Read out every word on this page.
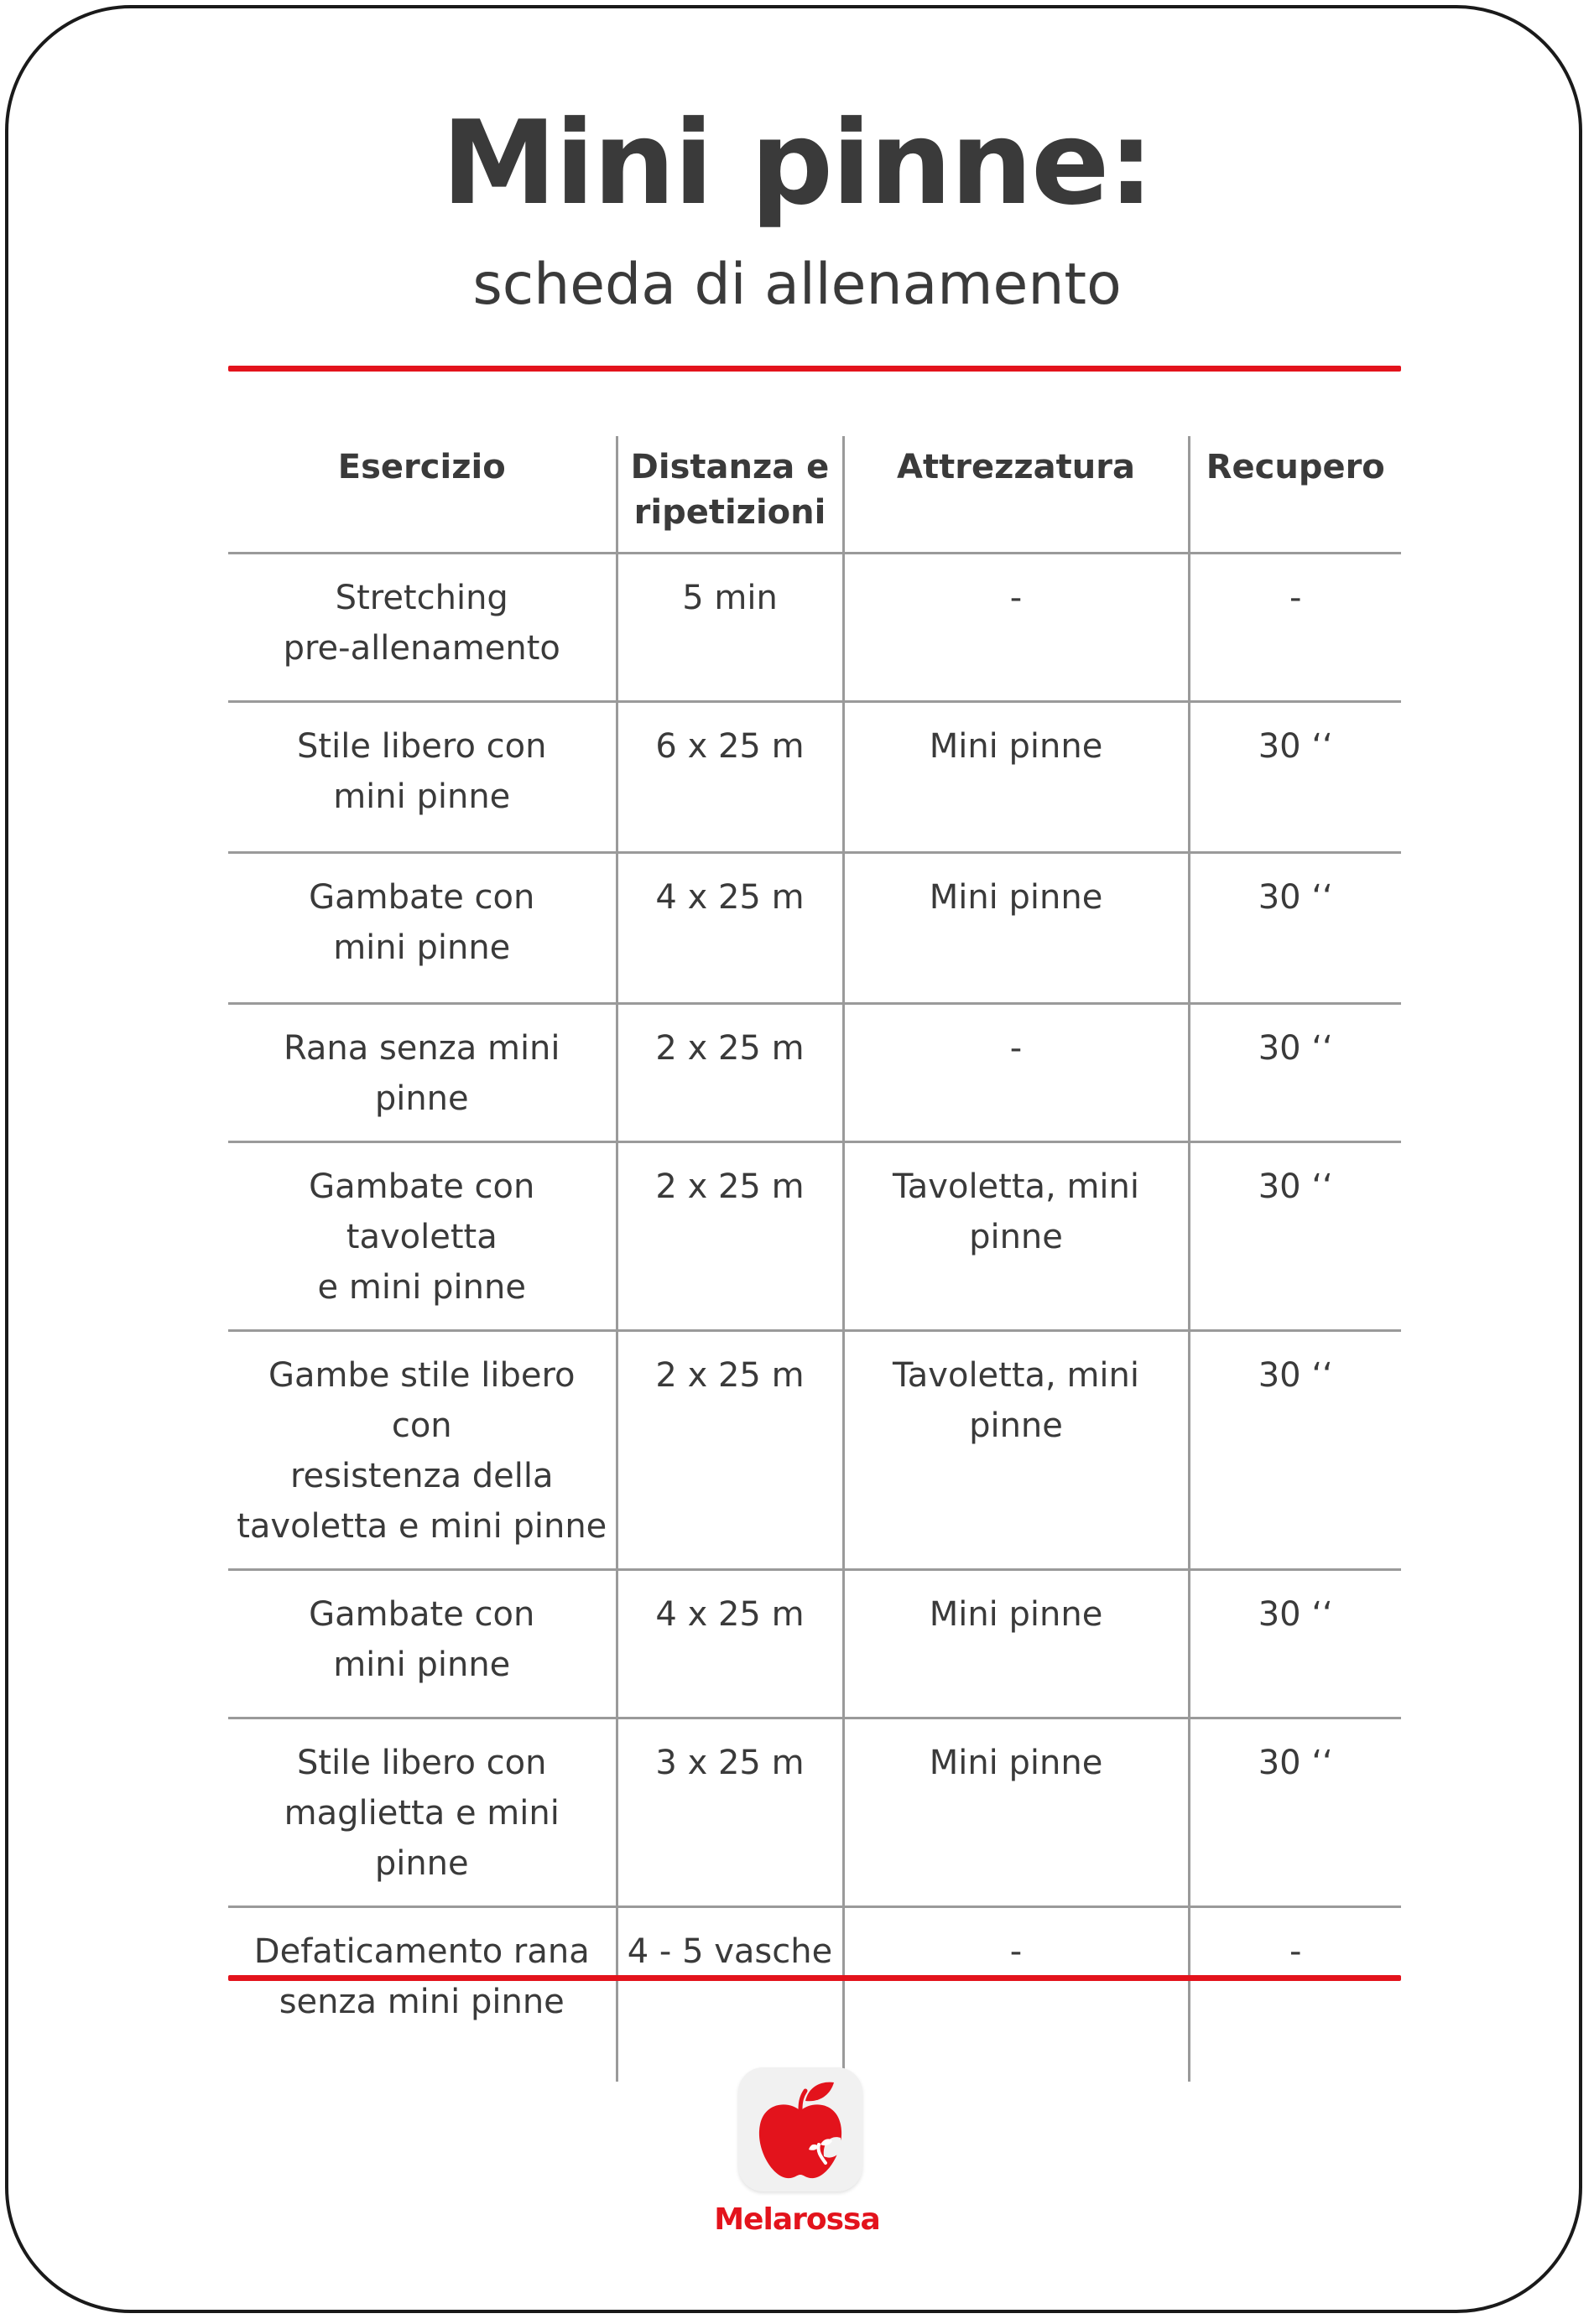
Mini pinne:
scheda di allenamento
Esercizio	Distanza e
ripetizioni	Attrezzatura	Recupero

Stretching
pre-allenamento	5 min	-	-

Stile libero con
mini pinne	6 x 25 m	Mini pinne	30 ‘‘

Gambate con
mini pinne	4 x 25 m	Mini pinne	30 ‘‘

Rana senza mini pinne	2 x 25 m	-	30 ‘‘

Gambate con tavoletta
e mini pinne	2 x 25 m	Tavoletta, mini pinne	30 ‘‘

Gambe stile libero con
resistenza della
tavoletta e mini pinne	2 x 25 m	Tavoletta, mini pinne	30 ‘‘

Gambate con
mini pinne	4 x 25 m	Mini pinne	30 ‘‘

Stile libero con
maglietta e mini pinne	3 x 25 m	Mini pinne	30 ‘‘

Defaticamento rana
senza mini pinne	4 - 5 vasche	-	-
Melarossa
